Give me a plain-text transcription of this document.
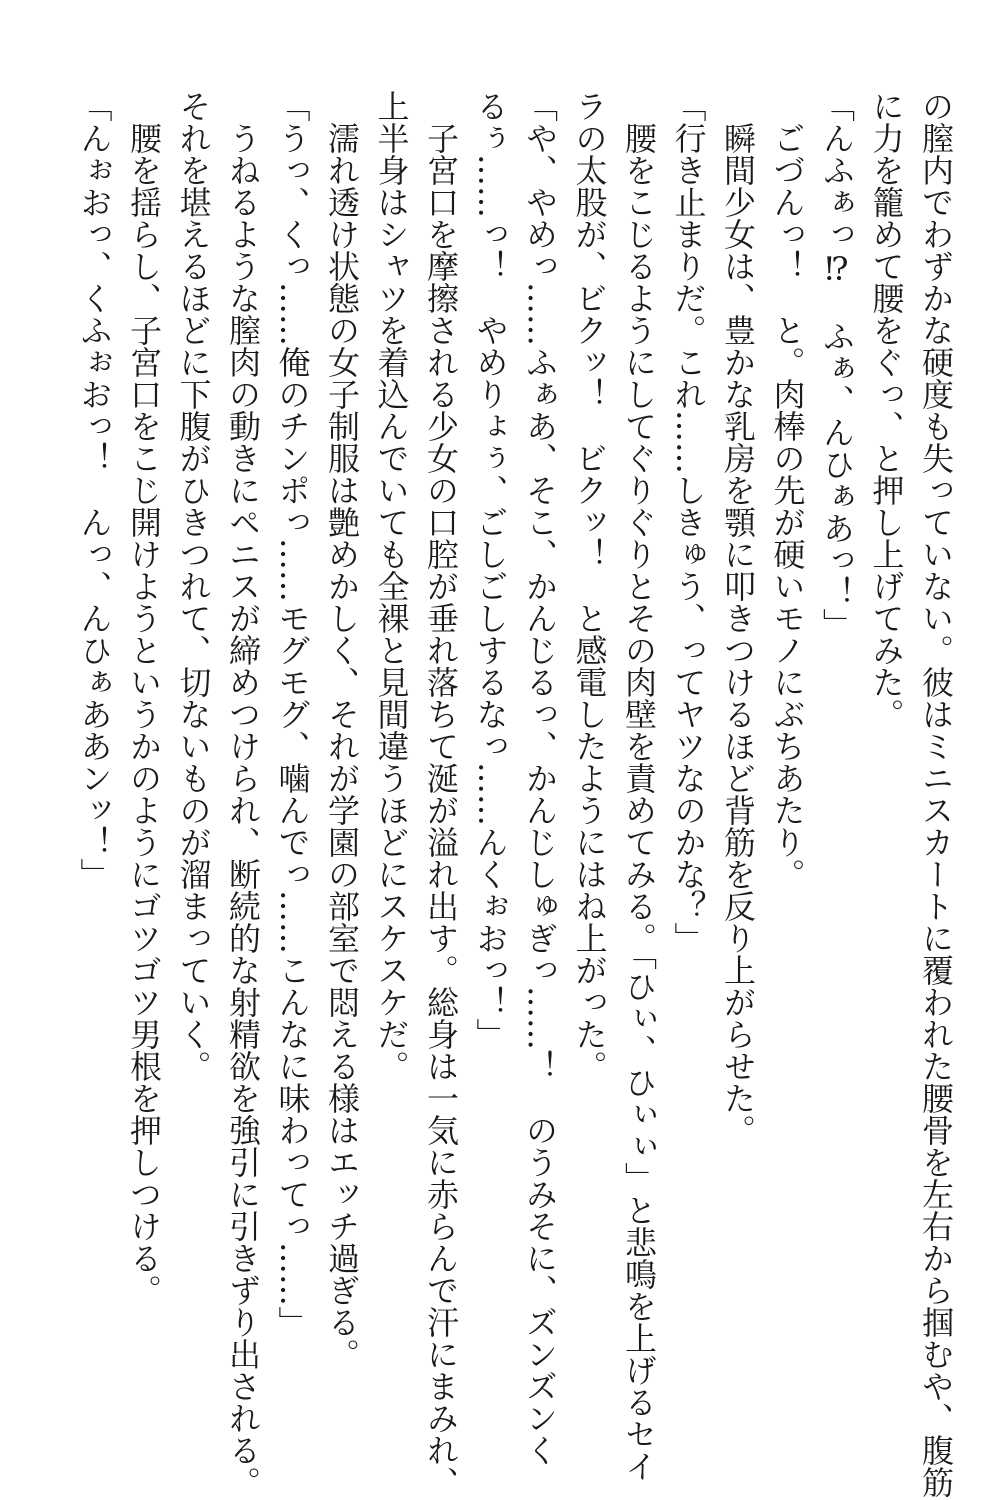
の膣内でわずかな硬度も失っていない。彼はミニスカートに覆われた腰骨を左右から掴むや、腹筋
に力を籠めて腰をぐっ、と押し上げてみた。
「んふぁっ⁉　ふぁ、んひぁあっ！」
　ごづんっ！　と。肉棒の先が硬いモノにぶちあたり。
　瞬間少女は、豊かな乳房を顎に叩きつけるほど背筋を反り上がらせた。
「行き止まりだ。これ……しきゅう、ってヤツなのかな？」
　腰をこじるようにしてぐりぐりとその肉壁を責めてみる。「ひぃ、ひぃぃ」と悲鳴を上げるセイ
ラの太股が、ビクッ！　ビクッ！　と感電したようにはね上がった。
「や、やめっ……ふぁあ、そこ、かんじるっ、かんじしゅぎっ……！　のうみそに、ズンズンく
るぅ……っ！　やめりょぅ、ごしごしするなっ……んくぉおっ！」
　子宮口を摩擦される少女の口腔が垂れ落ちて涎が溢れ出す。総身は一気に赤らんで汗にまみれ、
上半身はシャツを着込んでいても全裸と見間違うほどにスケスケだ。
　濡れ透け状態の女子制服は艶めかしく、それが学園の部室で悶える様はエッチ過ぎる。
「うっ、くっ……俺のチンポっ……モグモグ、噛んでっ……こんなに味わってっ……」
　うねるような膣肉の動きにペニスが締めつけられ、断続的な射精欲を強引に引きずり出される。
それを堪えるほどに下腹がひきつれて、切ないものが溜まっていく。
　腰を揺らし、子宮口をこじ開けようというかのようにゴツゴツ男根を押しつける。
「んぉおっ、くふぉおっ！　んっ、んひぁああンッ！」
